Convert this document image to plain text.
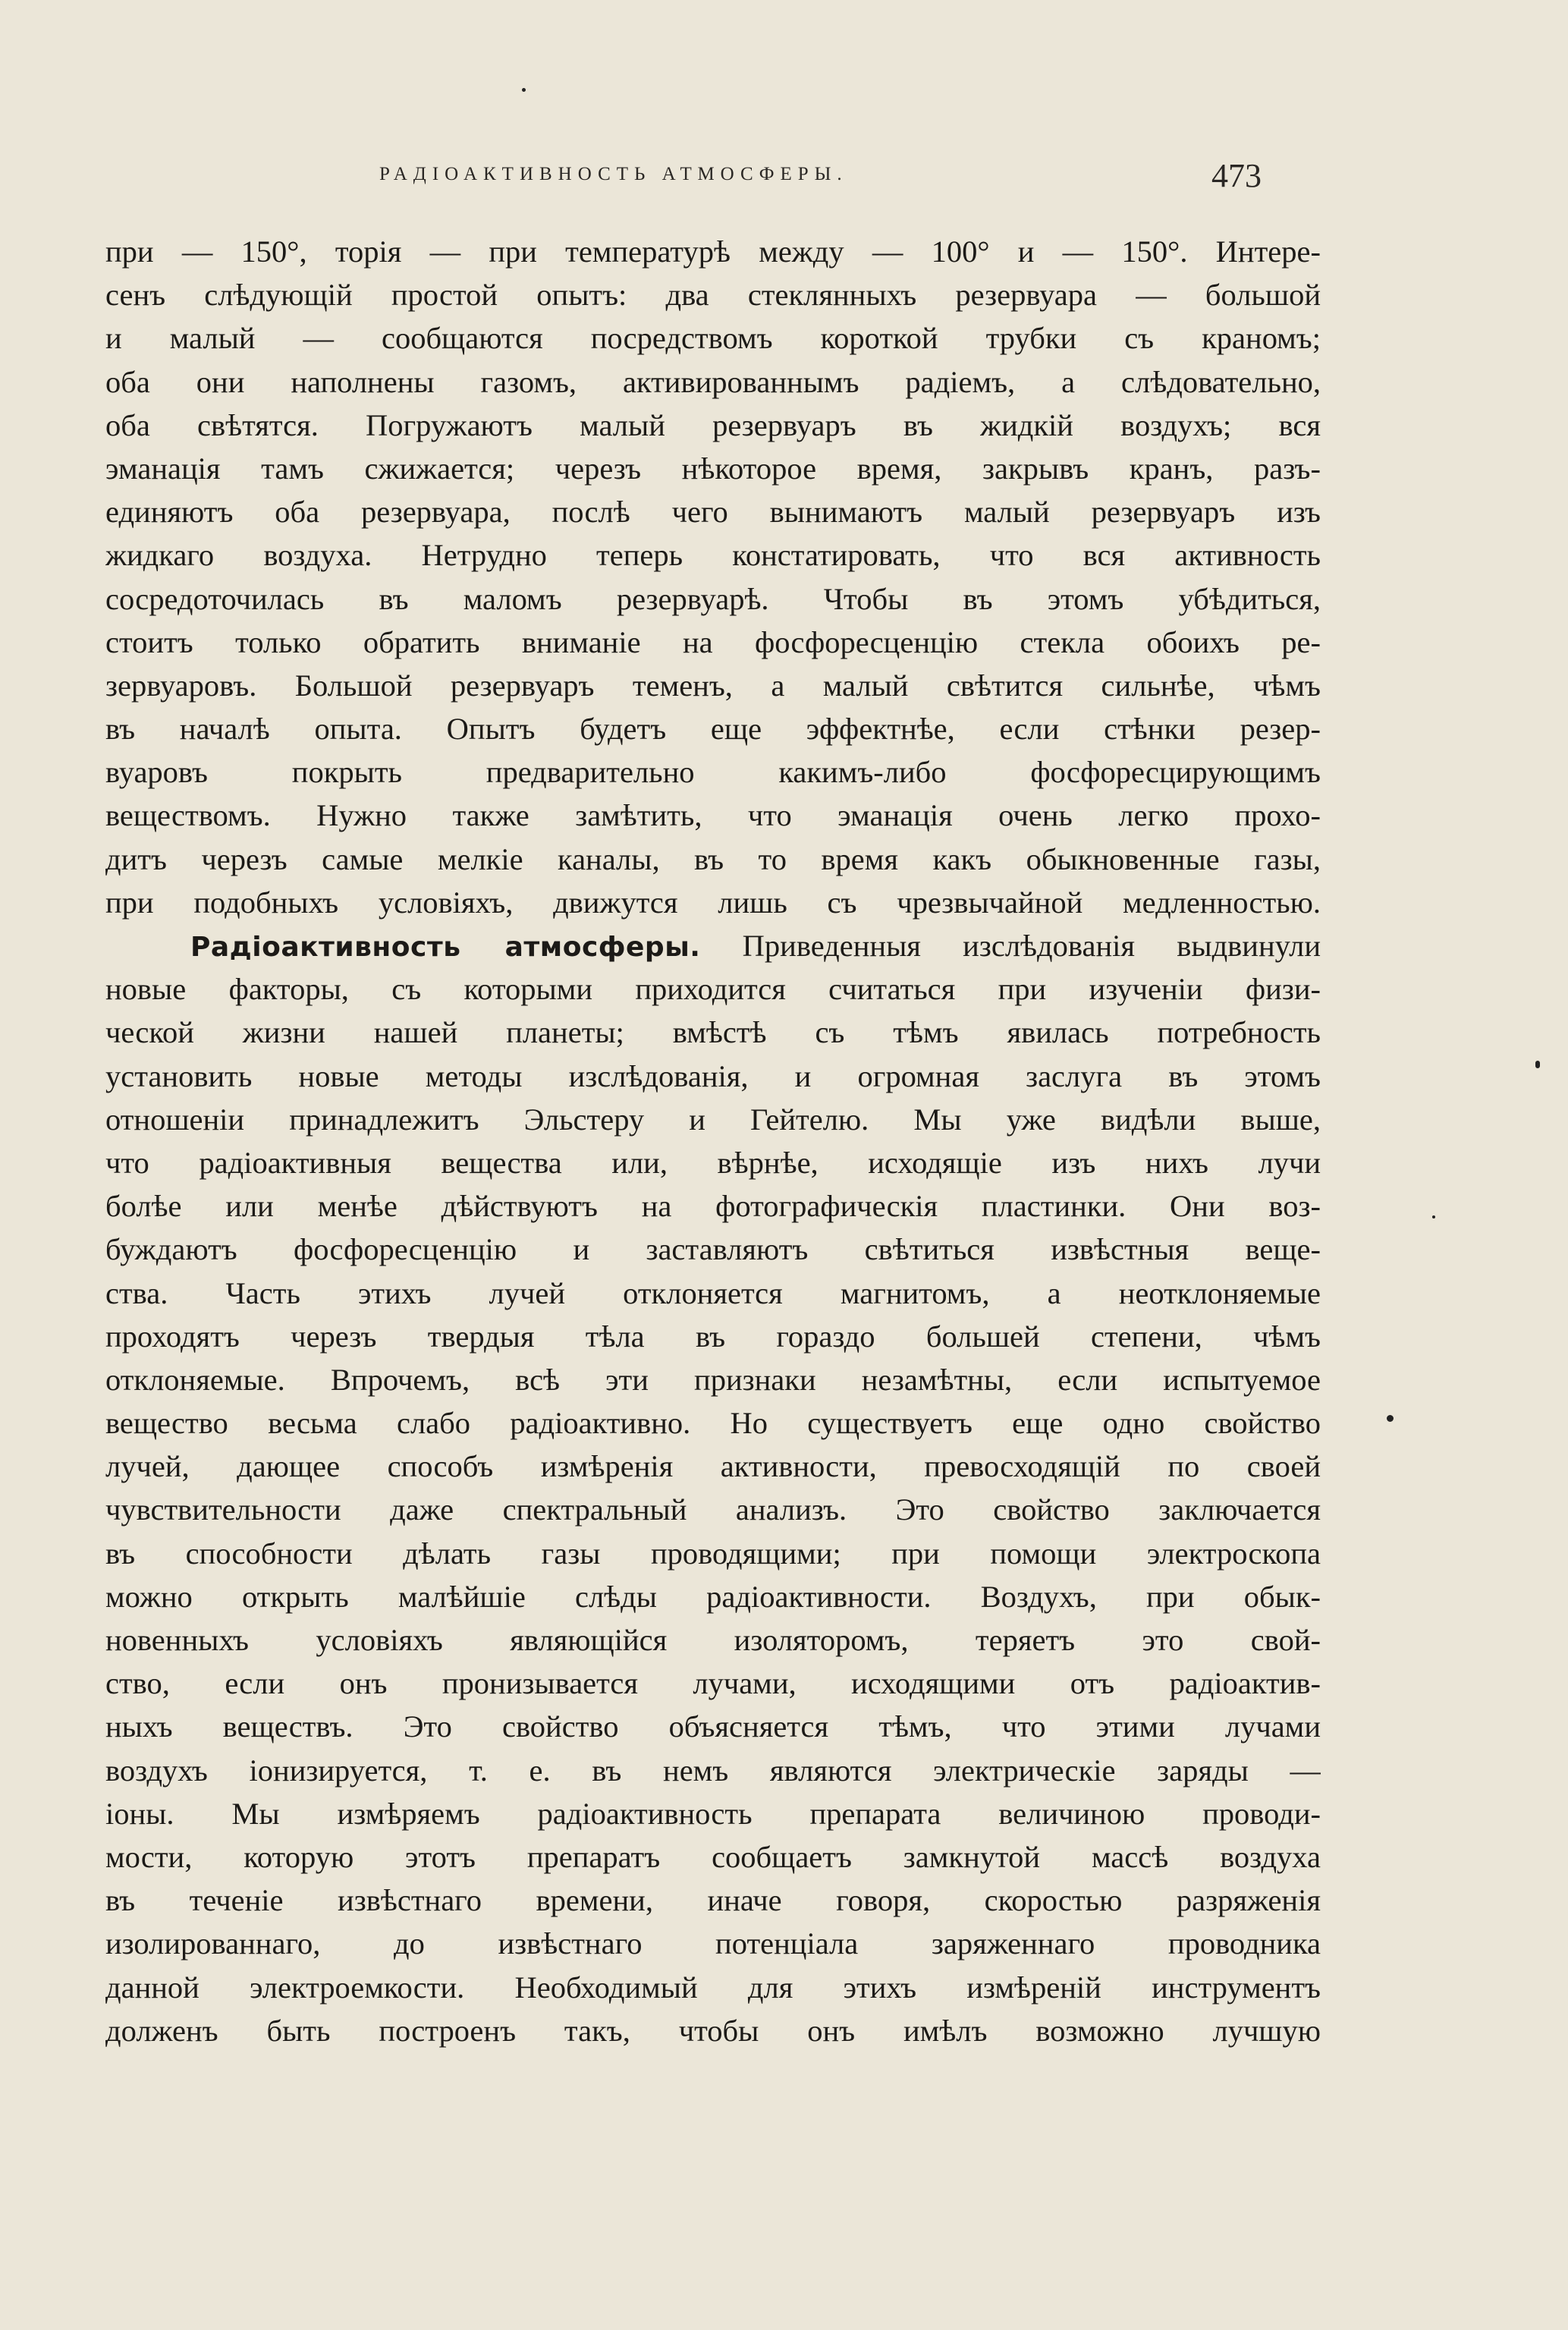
РАДІОАКТИВНОСТЬ АТМОСФЕРЫ.	473
при — 150°, торія — при температурѣ между — 100° и — 150°. Интере-
сенъ слѣдующій простой опытъ: два стеклянныхъ резервуара — большой
и малый — сообщаются посредствомъ короткой трубки съ краномъ;
оба они наполнены газомъ, активированнымъ радіемъ, а слѣдовательно,
оба свѣтятся. Погружаютъ малый резервуаръ въ жидкій воздухъ; вся
эманація тамъ сжижается; черезъ нѣкоторое время, закрывъ кранъ, разъ-
единяютъ оба резервуара, послѣ чего вынимаютъ малый резервуаръ изъ
жидкаго воздуха. Нетрудно теперь констатировать, что вся активность
сосредоточилась въ маломъ резервуарѣ. Чтобы въ этомъ убѣдиться,
стоитъ только обратить вниманіе на фосфоресценцію стекла обоихъ ре-
зервуаровъ. Большой резервуаръ теменъ, а малый свѣтится сильнѣе, чѣмъ
въ началѣ опыта. Опытъ будетъ еще эффектнѣе, если стѣнки резер-
вуаровъ покрыть предварительно какимъ-либо фосфоресцирующимъ
веществомъ. Нужно также замѣтить, что эманація очень легко прохо-
дитъ черезъ самые мелкіе каналы, въ то время какъ обыкновенные газы,
при подобныхъ условіяхъ, движутся лишь съ чрезвычайной медленностью.
Радіоактивность атмосферы. Приведенныя изслѣдованія выдвинули
новые факторы, съ которыми приходится считаться при изученіи физи-
ческой жизни нашей планеты; вмѣстѣ съ тѣмъ явилась потребность
установить новые методы изслѣдованія, и огромная заслуга въ этомъ
отношеніи принадлежитъ Эльстеру и Гейтелю. Мы уже видѣли выше,
что радіоактивныя вещества или, вѣрнѣе, исходящіе изъ нихъ лучи
болѣе или менѣе дѣйствуютъ на фотографическія пластинки. Они воз-
буждаютъ фосфоресценцію и заставляютъ свѣтиться извѣстныя веще-
ства. Часть этихъ лучей отклоняется магнитомъ, а неотклоняемые
проходятъ черезъ твердыя тѣла въ гораздо большей степени, чѣмъ
отклоняемые. Впрочемъ, всѣ эти признаки незамѣтны, если испытуемое
вещество весьма слабо радіоактивно. Но существуетъ еще одно свойство
лучей, дающее способъ измѣренія активности, превосходящій по своей
чувствительности даже спектральный анализъ. Это свойство заключается
въ способности дѣлать газы проводящими; при помощи электроскопа
можно открыть малѣйшіе слѣды радіоактивности. Воздухъ, при обык-
новенныхъ условіяхъ являющійся изоляторомъ, теряетъ это свой-
ство, если онъ пронизывается лучами, исходящими отъ радіоактив-
ныхъ веществъ. Это свойство объясняется тѣмъ, что этими лучами
воздухъ іонизируется, т. е. въ немъ являются электрическіе заряды —
іоны. Мы измѣряемъ радіоактивность препарата величиною проводи-
мости, которую этотъ препаратъ сообщаетъ замкнутой массѣ воздуха
въ теченіе извѣстнаго времени, иначе говоря, скоростью разряженія
изолированнаго, до извѣстнаго потенціала заряженнаго проводника
данной электроемкости. Необходимый для этихъ измѣреній инструментъ
долженъ быть построенъ такъ, чтобы онъ имѣлъ возможно лучшую
